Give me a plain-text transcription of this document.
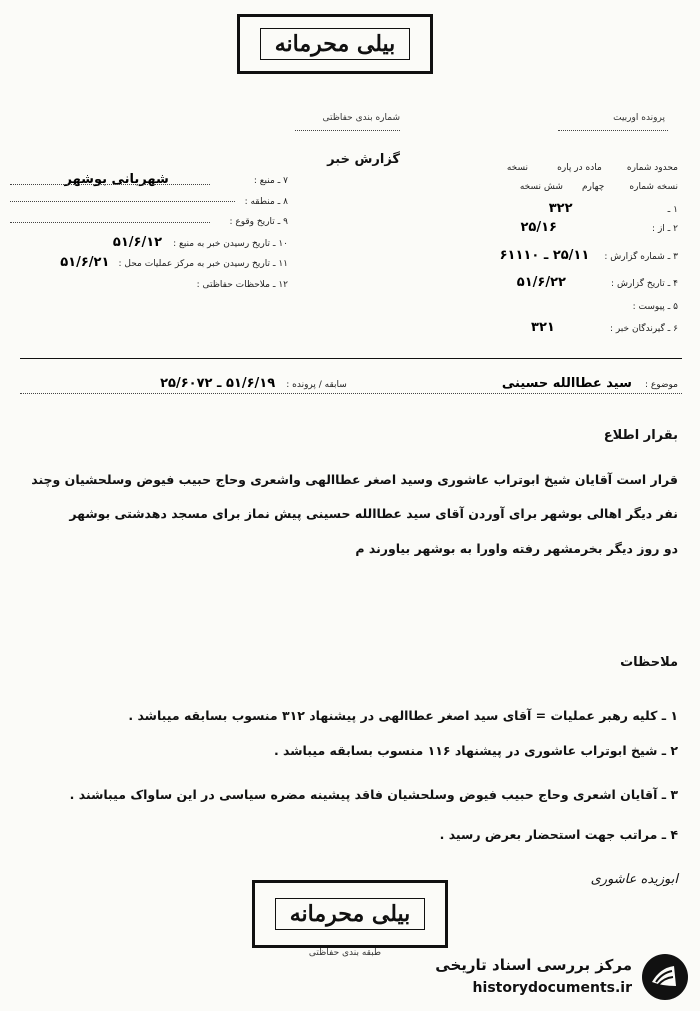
بیلی محرمانه
شماره بندی حفاظتی	پرونده اوربیت
گزارش خبر
۷ ـ منبع : شهربانی بوشهر
۸ ـ منطقه :
۹ ـ تاریخ وقوع :
۱۰ ـ تاریخ رسیدن خبر به منبع : ۵۱/۶/۱۲
۱۱ ـ تاریخ رسیدن خبر به مرکز عملیات محل : ۵۱/۶/۲۱
۱۲ ـ ملاحظات حفاظتی :
محدود شماره ماده در پاره نسخه
نسخه شماره چهارم شش نسخه
۱ ـ ۳۲۲
۲ ـ از : ۲۵/۱۶
۳ ـ شماره گزارش : ۲۵/۱۱ ـ ۶۱۱۱۰
۴ ـ تاریخ گزارش : ۵۱/۶/۲۲
۵ ـ پیوست :
۶ ـ گیرندگان خبر : ۳۲۱
موضوع : سید عطاالله حسینی سابقه / پرونده : ۵۱/۶/۱۹ ـ ۲۵/۶۰۷۲
بقرار اطلاع
قرار است آقایان شیخ ابوتراب عاشوری وسید اصغر عطاالهی واشعری وحاج حبیب فیوض وسلحشیان وچند
نفر دیگر اهالی بوشهر برای آوردن آقای سید عطاالله حسینی پیش نماز برای مسجد دهدشتی بوشهر
دو روز دیگر بخرمشهر رفته واورا به بوشهر بیاورند م
ملاحظات
۱ ـ کلیه رهبر عملیات = آقای سید اصغر عطاالهی در پیشنهاد ۳۱۲ منسوب بسابقه میباشد .
۲ ـ شیخ ابوتراب عاشوری در پیشنهاد ۱۱۶ منسوب بسابقه میباشد .
۳ ـ آقایان اشعری وحاج حبیب فیوض وسلحشیان فاقد پیشینه مضره سیاسی در این ساواک میباشند .
۴ ـ مراتب جهت استحضار بعرض رسید .
ابوزیده عاشوری
بیلی محرمانه
طبقه بندی حفاظتی
مرکز بررسی اسناد تاریخی
historydocuments.ir
